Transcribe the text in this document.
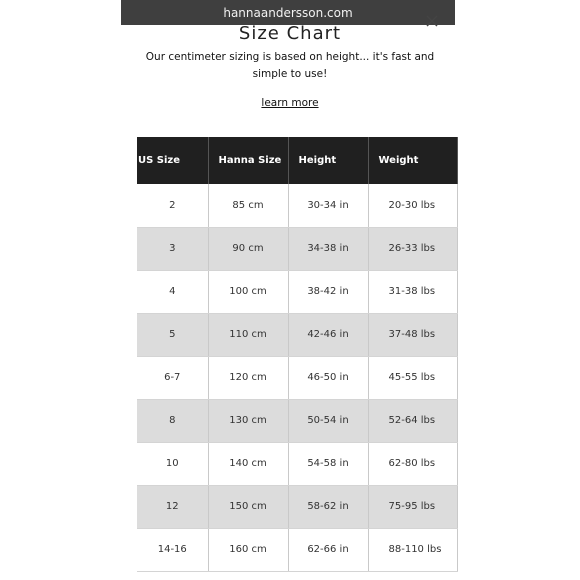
hannaandersson.com
Size Chart
Our centimeter sizing is based on height... it's fast and simple to use!
learn more
US Size	Hanna Size	Height	Weight
2	85 cm	30-34 in	20-30 lbs
3	90 cm	34-38 in	26-33 lbs
4	100 cm	38-42 in	31-38 lbs
5	110 cm	42-46 in	37-48 lbs
6-7	120 cm	46-50 in	45-55 lbs
8	130 cm	50-54 in	52-64 lbs
10	140 cm	54-58 in	62-80 lbs
12	150 cm	58-62 in	75-95 lbs
14-16	160 cm	62-66 in	88-110 lbs
